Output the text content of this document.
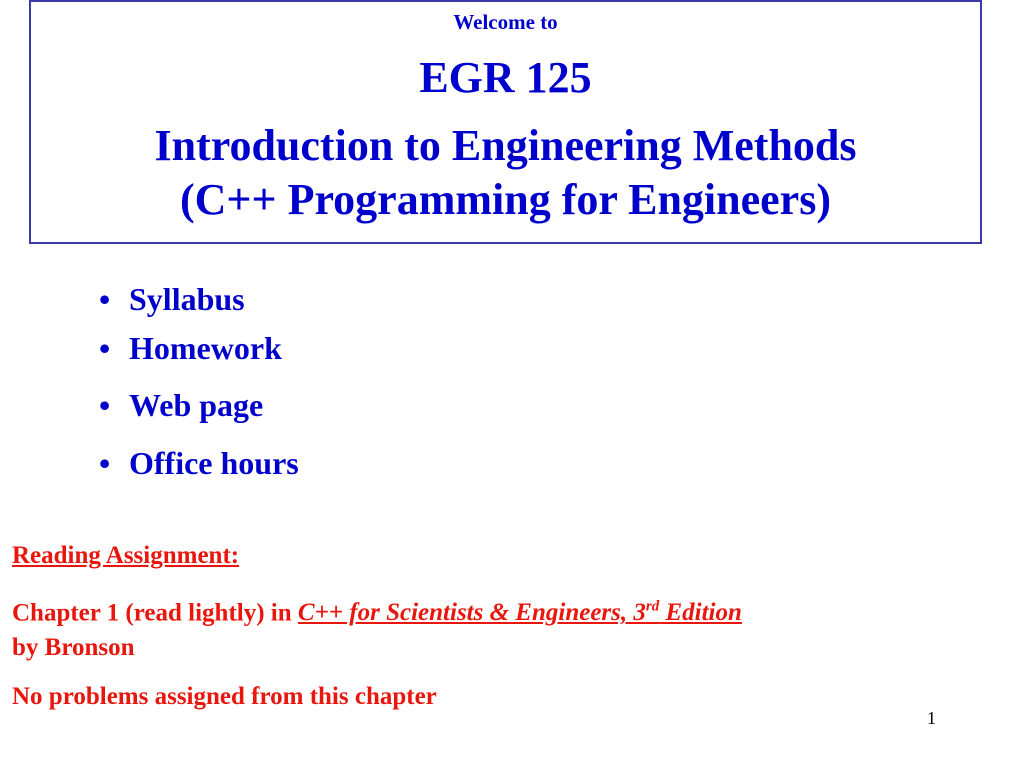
Welcome to
EGR 125
Introduction to Engineering Methods
(C++ Programming for Engineers)
• Syllabus
• Homework
• Web page
• Office hours
Reading Assignment:
Chapter 1 (read lightly) in C++ for Scientists & Engineers, 3rd Edition
by Bronson
No problems assigned from this chapter
1
